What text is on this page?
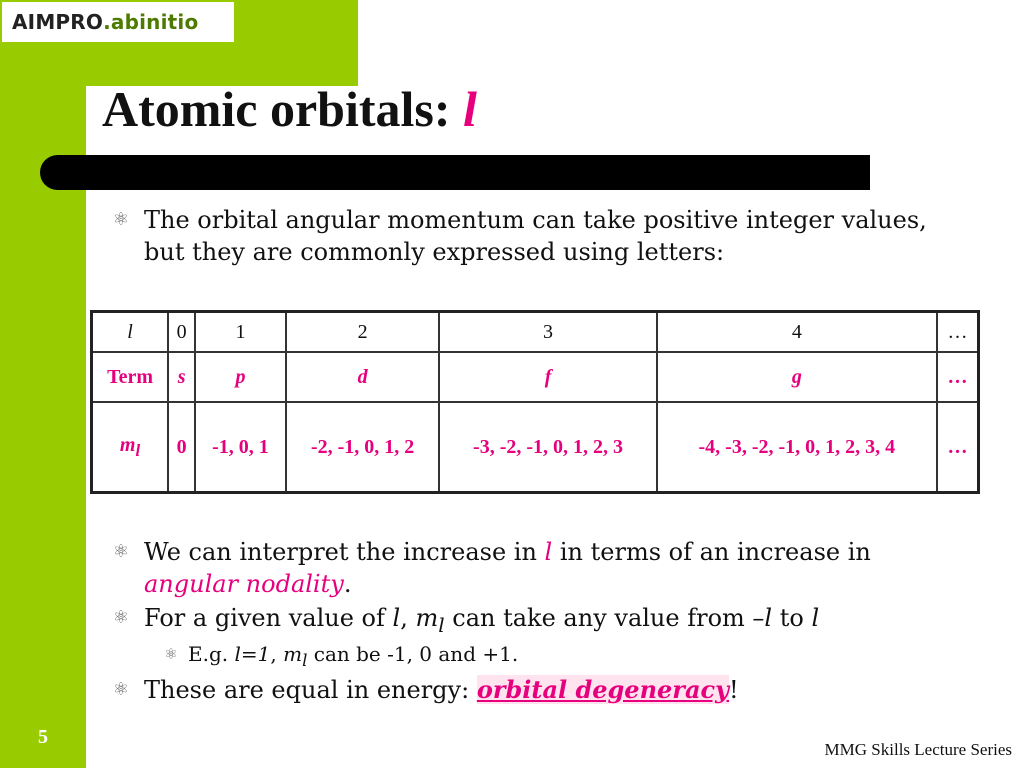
AIMPRO .abinitio
Atomic orbitals: l
⚛ The orbital angular momentum can take positive integer values, but they are commonly expressed using letters:
l	0	1	2	3	4	…
Term	s	p	d	f	g	…
$m_l$	0	-1, 0, 1	-2, -1, 0, 1, 2	-3, -2, -1, 0, 1, 2, 3	-4, -3, -2, -1, 0, 1, 2, 3, 4	…
⚛ We can interpret the increase in l in terms of an increase in angular nodality.
⚛ For a given value of l, $m_l$ can take any value from –l to l
⚛ E.g. l=1, $m_l$ can be -1, 0 and +1.
⚛ These are equal in energy: orbital degeneracy!
5
MMG Skills Lecture Series
